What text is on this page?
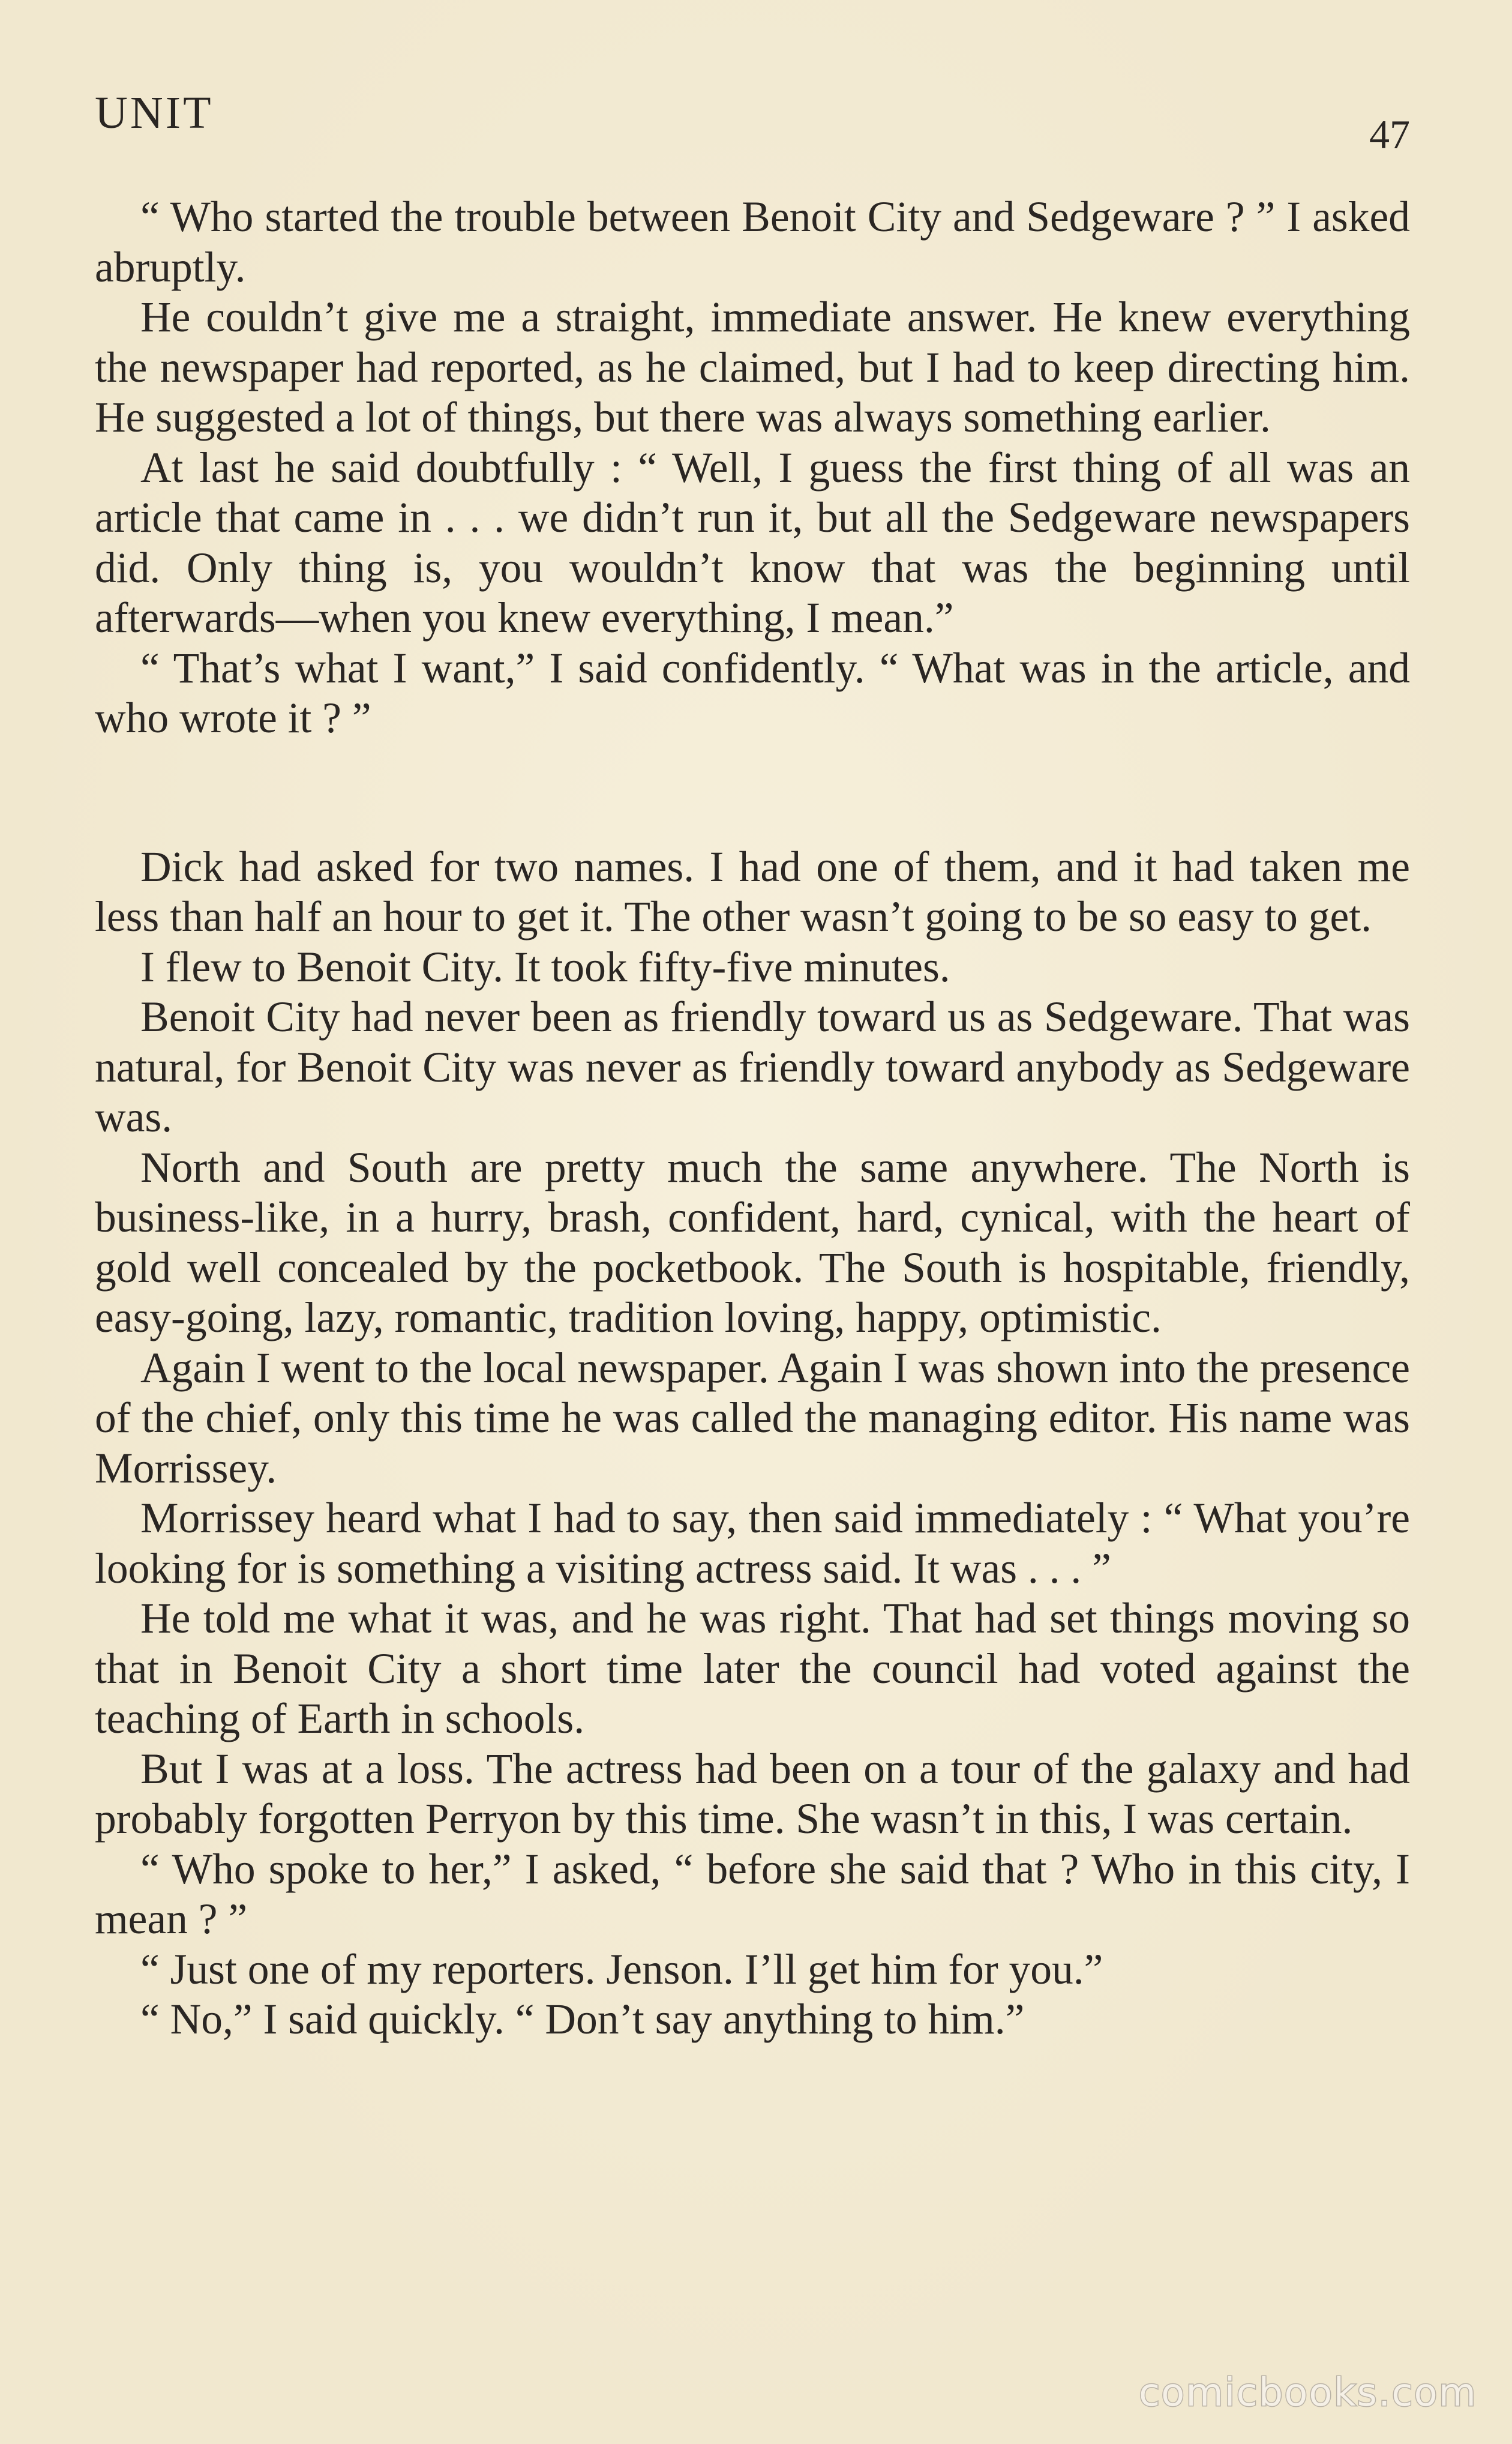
UNIT	47

“ Who started the trouble between Benoit City and Sedgeware ? ” I asked abruptly.

He couldn’t give me a straight, immediate answer. He knew everything the newspaper had reported, as he claimed, but I had to keep directing him. He suggested a lot of things, but there was always something earlier.

At last he said doubtfully : “ Well, I guess the first thing of all was an article that came in . . . we didn’t run it, but all the Sedgeware newspapers did. Only thing is, you wouldn’t know that was the beginning until afterwards—when you knew everything, I mean.”

“ That’s what I want,” I said confidently. “ What was in the article, and who wrote it ? ”

Dick had asked for two names. I had one of them, and it had taken me less than half an hour to get it. The other wasn’t going to be so easy to get.

I flew to Benoit City. It took fifty-five minutes.

Benoit City had never been as friendly toward us as Sedgeware. That was natural, for Benoit City was never as friendly toward anybody as Sedgeware was.

North and South are pretty much the same anywhere. The North is business-like, in a hurry, brash, confident, hard, cynical, with the heart of gold well concealed by the pocketbook. The South is hospitable, friendly, easy-going, lazy, romantic, tradition loving, happy, optimistic.

Again I went to the local newspaper. Again I was shown into the presence of the chief, only this time he was called the managing editor. His name was Morrissey.

Morrissey heard what I had to say, then said immediately : “ What you’re looking for is something a visiting actress said. It was . . . ”

He told me what it was, and he was right. That had set things moving so that in Benoit City a short time later the council had voted against the teaching of Earth in schools.

But I was at a loss. The actress had been on a tour of the galaxy and had probably forgotten Perryon by this time. She wasn’t in this, I was certain.

“ Who spoke to her,” I asked, “ before she said that ? Who in this city, I mean ? ”

“ Just one of my reporters. Jenson. I’ll get him for you.”

“ No,” I said quickly. “ Don’t say anything to him.”

comicbooks.com
